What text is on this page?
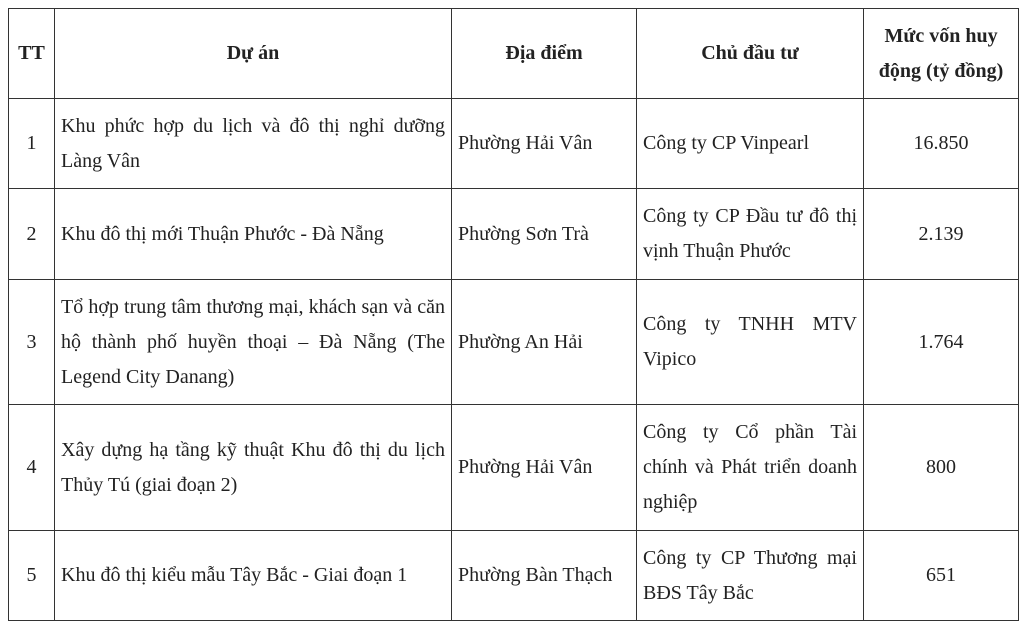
TT	Dự án	Địa điểm	Chủ đầu tư	Mức vốn huy động (tỷ đồng)
1	Khu phức hợp du lịch và đô thị nghỉ dưỡng Làng Vân	Phường Hải Vân	Công ty CP Vinpearl	16.850
2	Khu đô thị mới Thuận Phước - Đà Nẵng	Phường Sơn Trà	Công ty CP Đầu tư đô thị vịnh Thuận Phước	2.139
3	Tổ hợp trung tâm thương mại, khách sạn và căn hộ thành phố huyền thoại – Đà Nẵng (The Legend City Danang)	Phường An Hải	Công ty TNHH MTV Vipico	1.764
4	Xây dựng hạ tầng kỹ thuật Khu đô thị du lịch Thủy Tú (giai đoạn 2)	Phường Hải Vân	Công ty Cổ phần Tài chính và Phát triển doanh nghiệp	800
5	Khu đô thị kiểu mẫu Tây Bắc - Giai đoạn 1	Phường Bàn Thạch	Công ty CP Thương mại BĐS Tây Bắc	651
